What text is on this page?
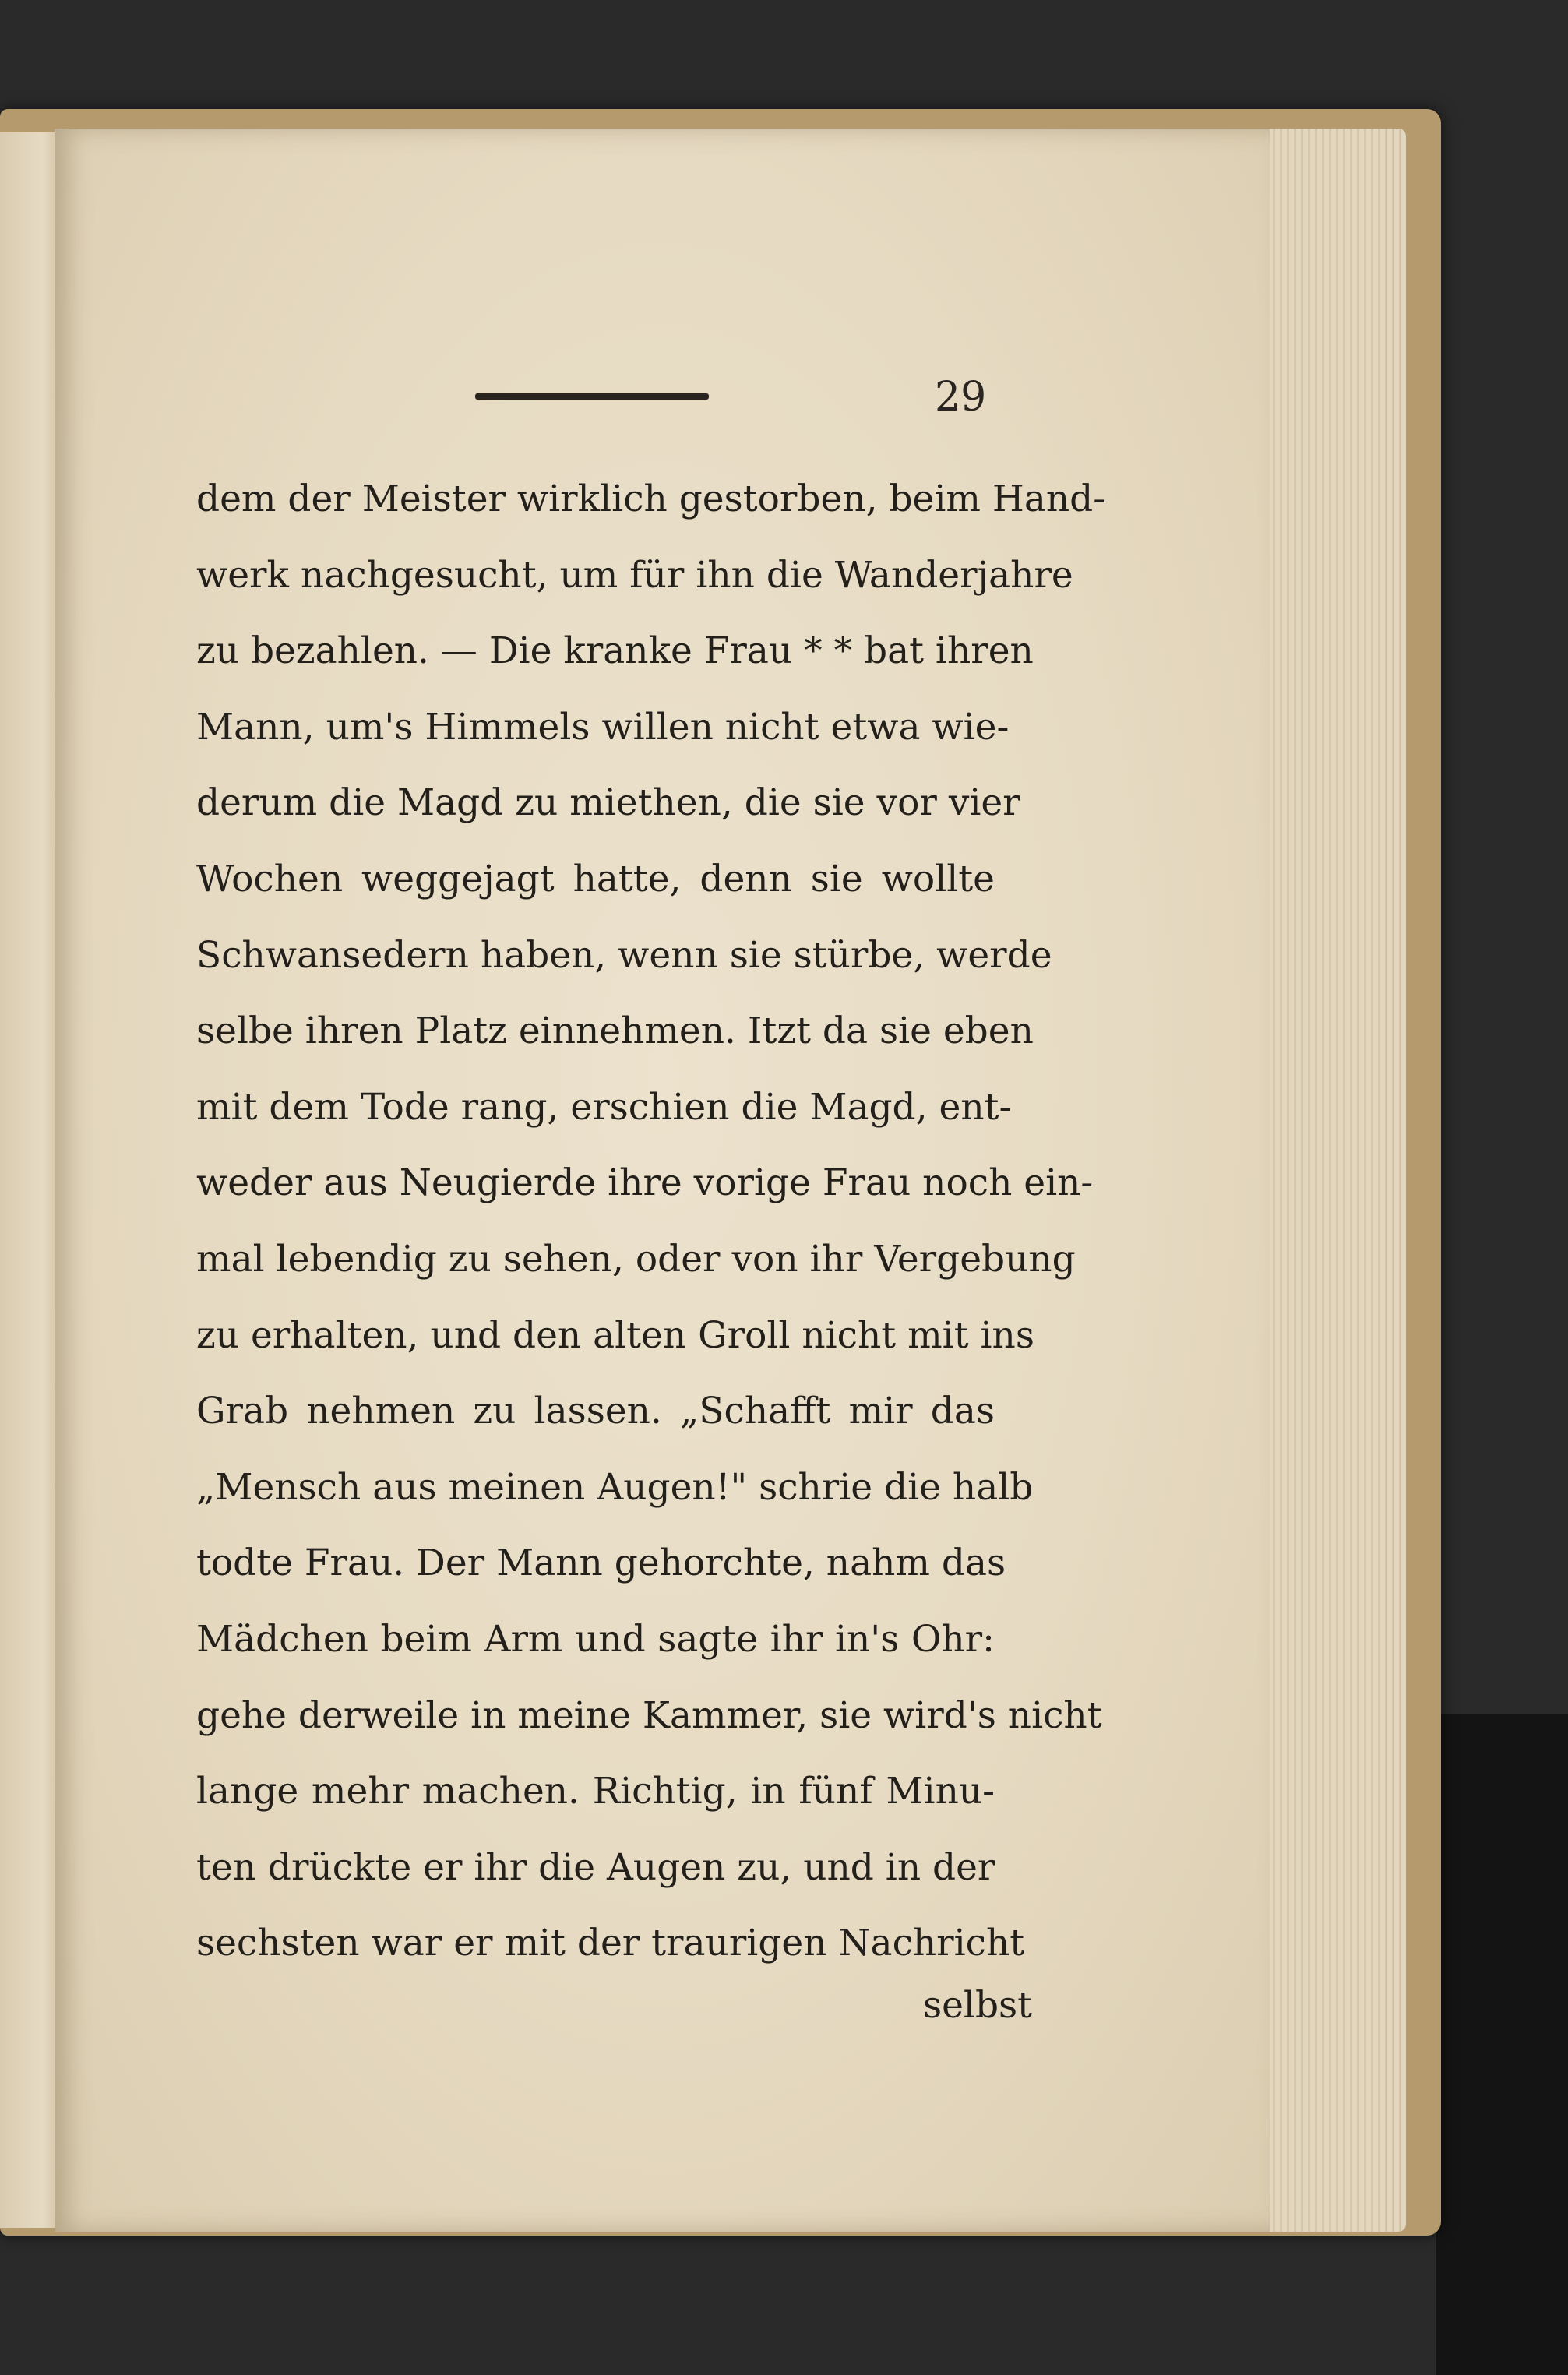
29
dem der Meister wirklich gestorben, beim Hand-
werk nachgesucht, um für ihn die Wanderjahre
zu bezahlen. — Die kranke Frau * * bat ihren
Mann, um's Himmels willen nicht etwa wie-
derum die Magd zu miethen, die sie vor vier
Wochen weggejagt hatte, denn sie wollte
Schwansedern haben, wenn sie stürbe, werde
selbe ihren Platz einnehmen. Itzt da sie eben
mit dem Tode rang, erschien die Magd, ent-
weder aus Neugierde ihre vorige Frau noch ein-
mal lebendig zu sehen, oder von ihr Vergebung
zu erhalten, und den alten Groll nicht mit ins
Grab nehmen zu lassen. „Schafft mir das
„Mensch aus meinen Augen!" schrie die halb
todte Frau. Der Mann gehorchte, nahm das
Mädchen beim Arm und sagte ihr in's Ohr:
gehe derweile in meine Kammer, sie wird's nicht
lange mehr machen. Richtig, in fünf Minu-
ten drückte er ihr die Augen zu, und in der
sechsten war er mit der traurigen Nachricht
selbst
